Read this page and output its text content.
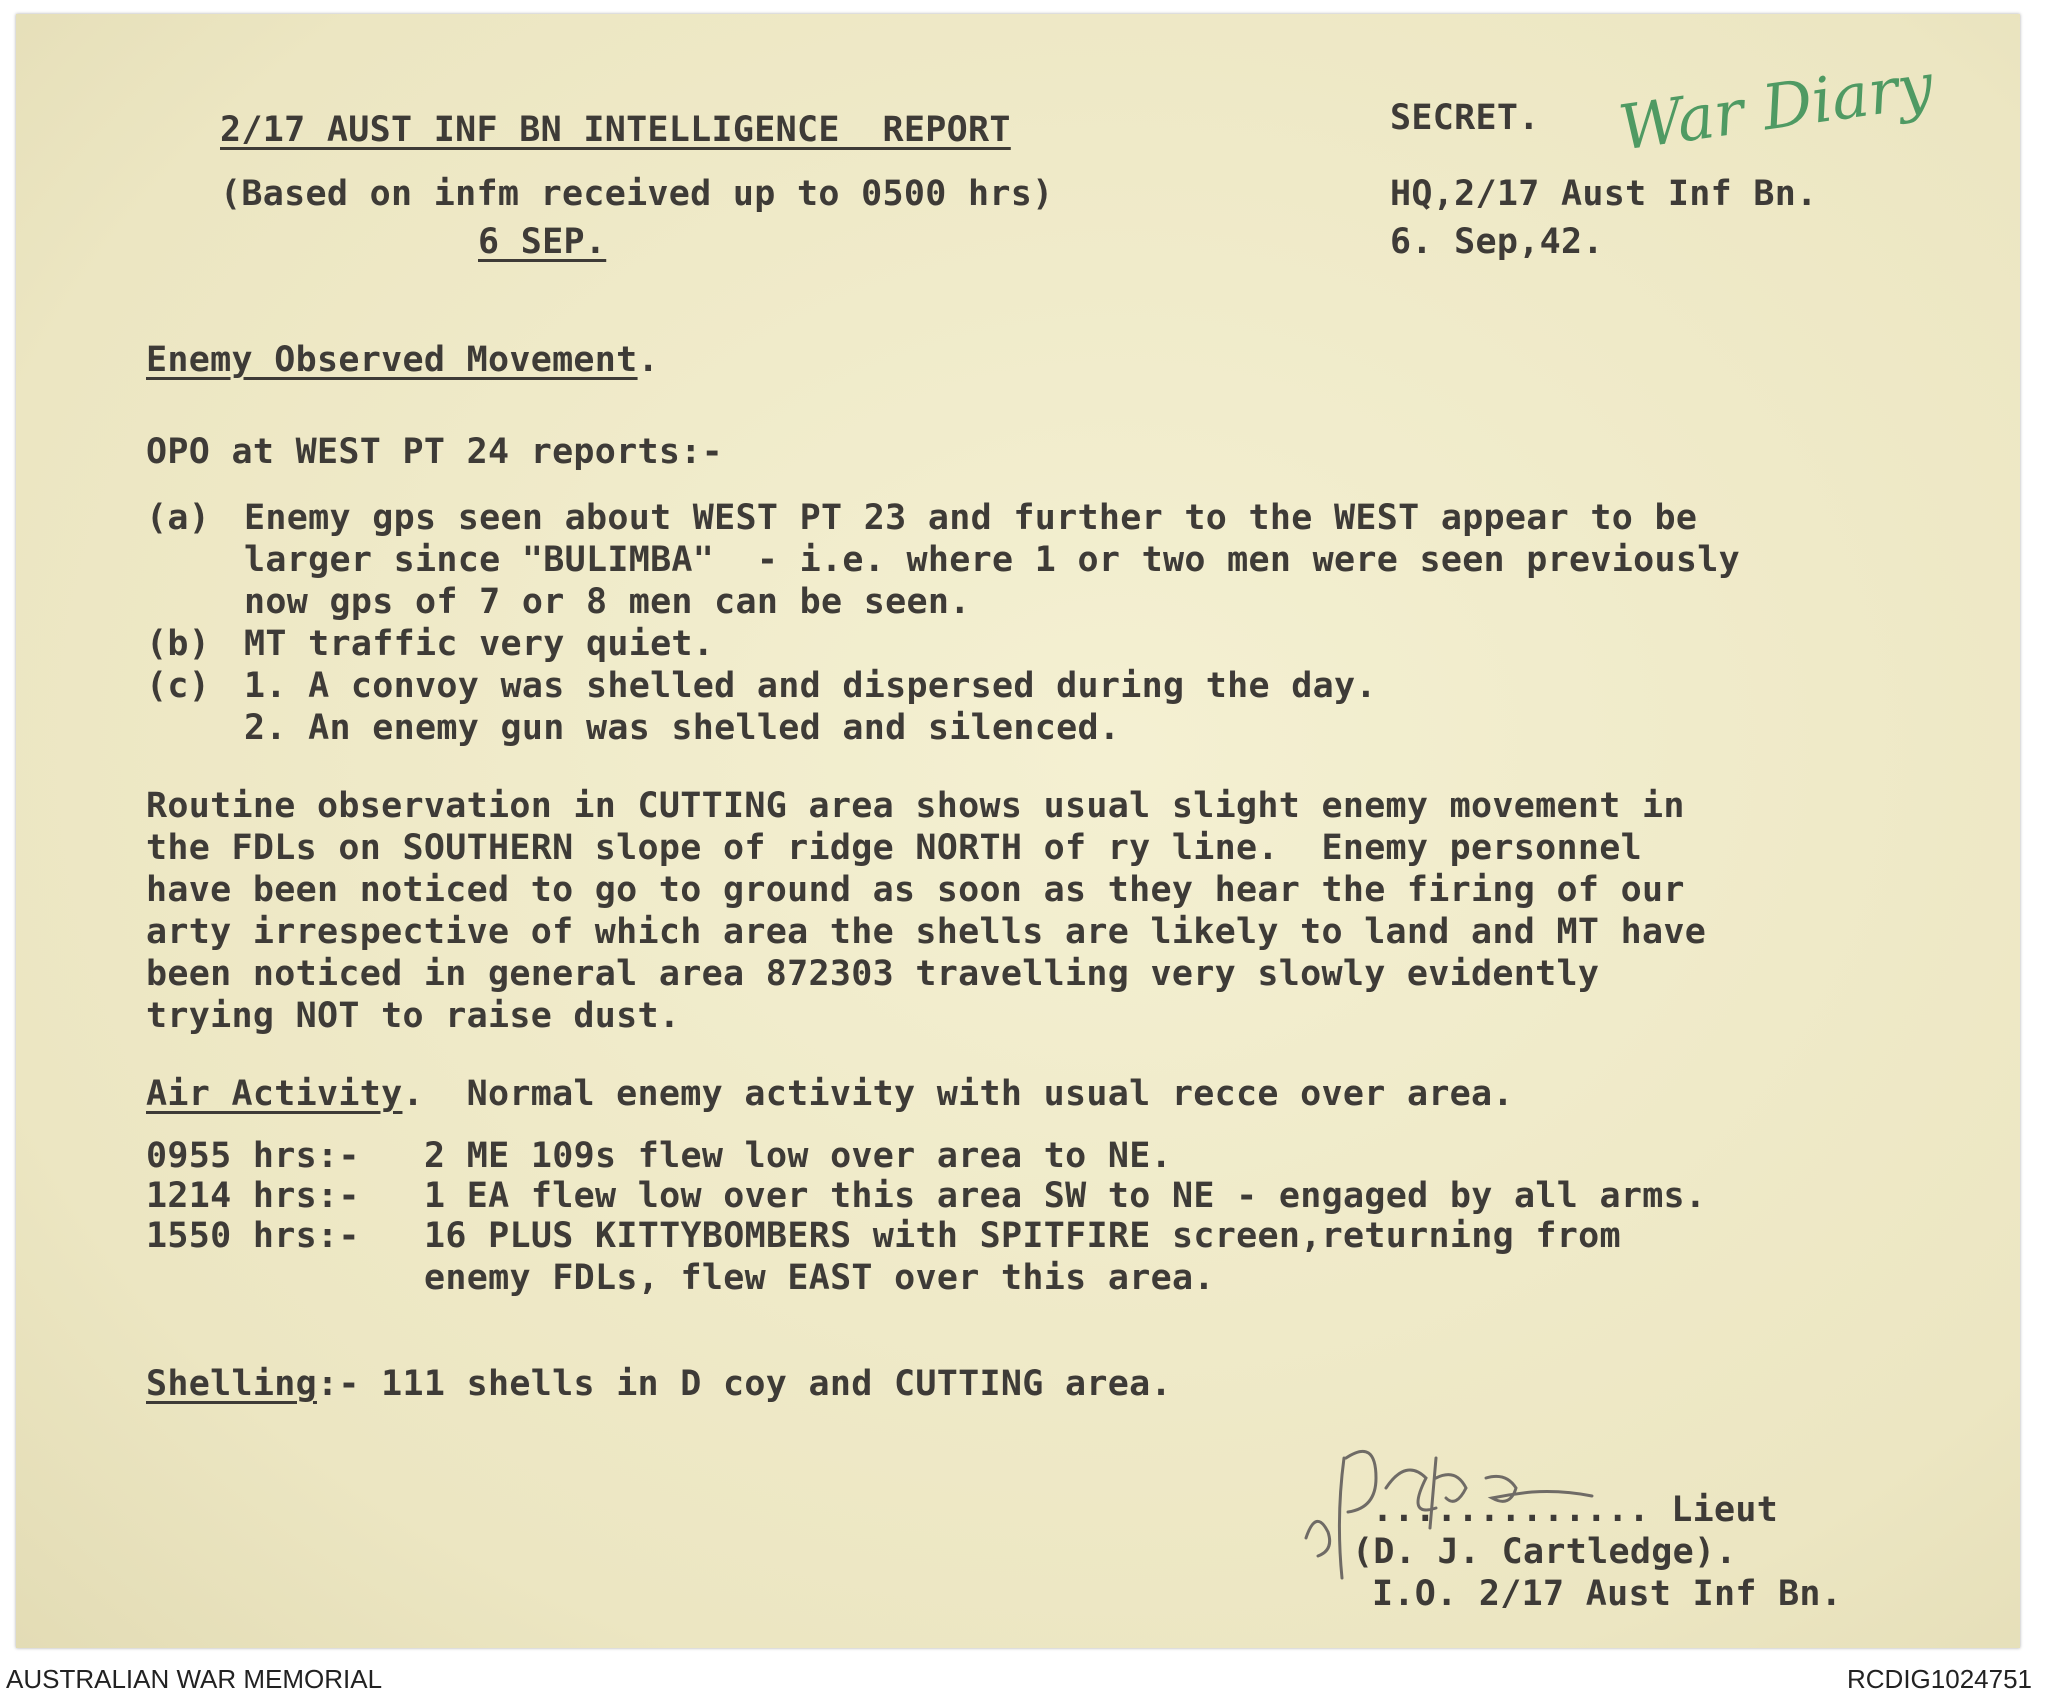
2/17 AUST INF BN INTELLIGENCE  REPORT
(Based on infm received up to 0500 hrs)
6 SEP.
SECRET. War Diary
HQ,2/17 Aust Inf Bn.
6. Sep,42.
Enemy Observed Movement.
OPO at WEST PT 24 reports:-
(a) Enemy gps seen about WEST PT 23 and further to the WEST appear to be
larger since "BULIMBA"  - i.e. where 1 or two men were seen previously
now gps of 7 or 8 men can be seen.
(b) MT traffic very quiet.
(c) 1. A convoy was shelled and dispersed during the day.
2. An enemy gun was shelled and silenced.
Routine observation in CUTTING area shows usual slight enemy movement in
the FDLs on SOUTHERN slope of ridge NORTH of ry line.  Enemy personnel
have been noticed to go to ground as soon as they hear the firing of our
arty irrespective of which area the shells are likely to land and MT have
been noticed in general area 872303 travelling very slowly evidently
trying NOT to raise dust.
Air Activity.  Normal enemy activity with usual recce over area.
0955 hrs:- 2 ME 109s flew low over area to NE.
1214 hrs:- 1 EA flew low over this area SW to NE - engaged by all arms.
1550 hrs:- 16 PLUS KITTYBOMBERS with SPITFIRE screen,returning from
enemy FDLs, flew EAST over this area.
Shelling:- 111 shells in D coy and CUTTING area.
............. Lieut
(D. J. Cartledge).
I.O. 2/17 Aust Inf Bn.
AUSTRALIAN WAR MEMORIAL	RCDIG1024751
